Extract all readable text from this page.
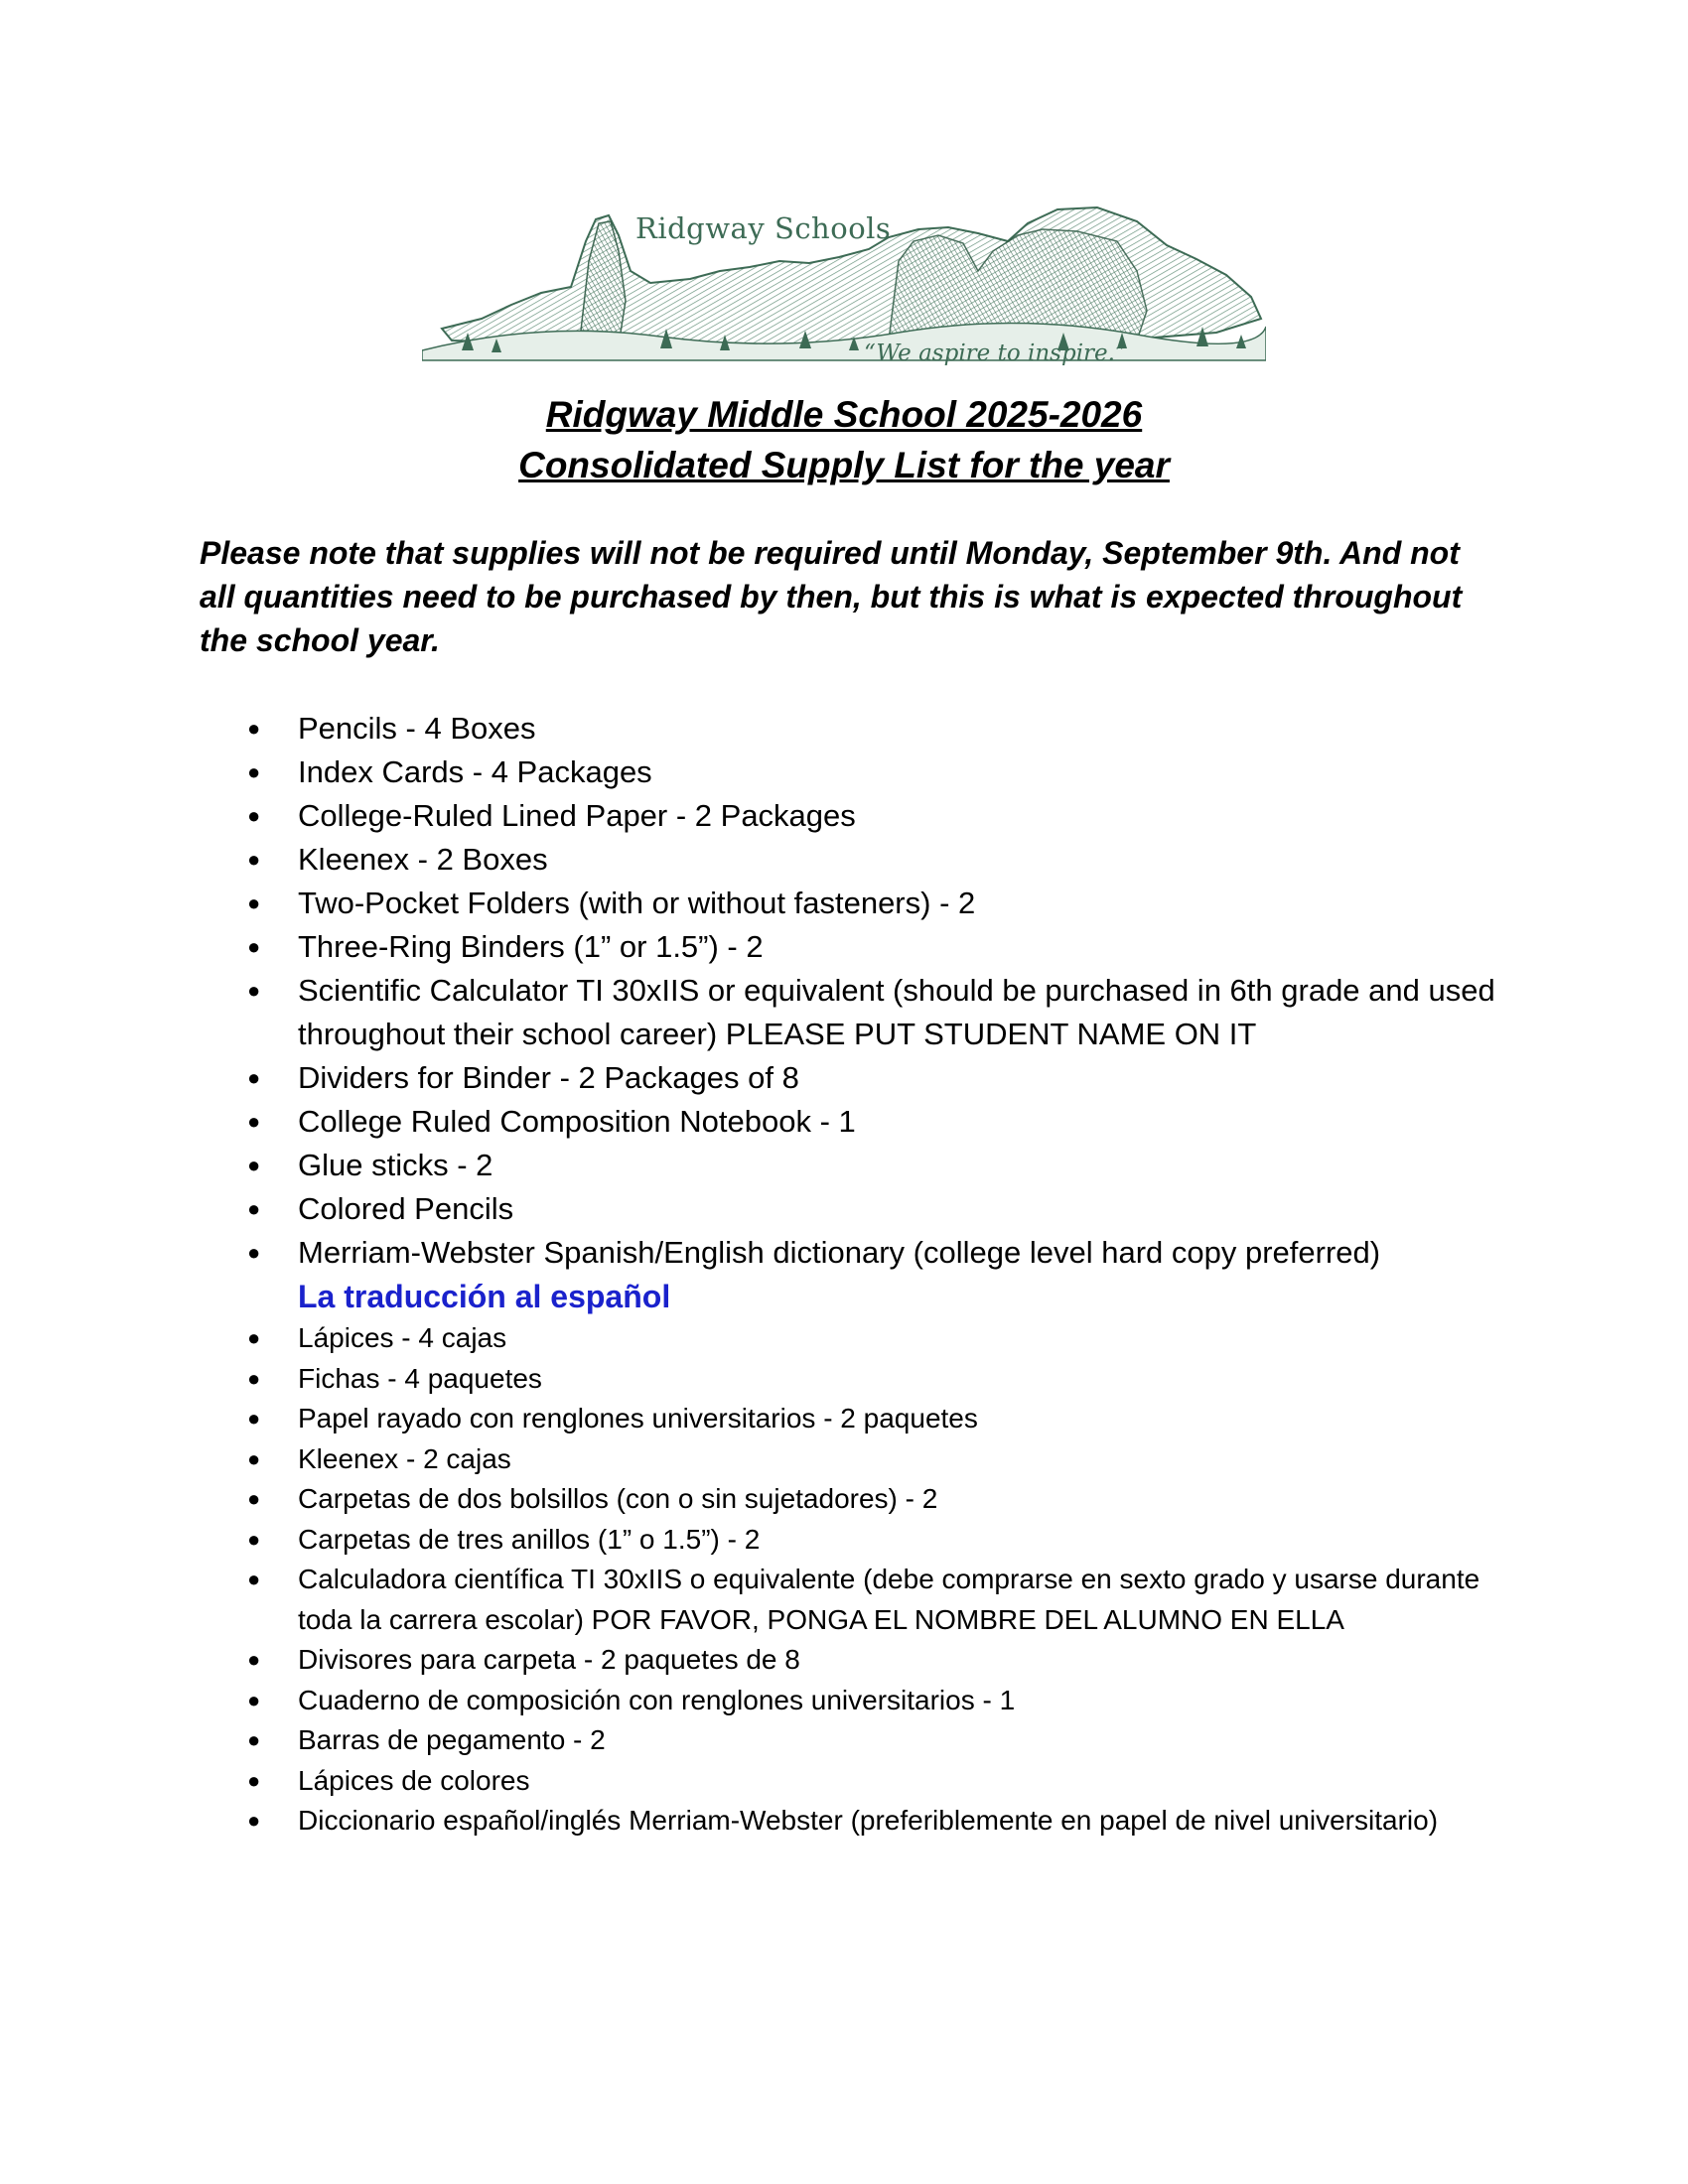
Ridgway Schools
“We aspire to inspire.”
Ridgway Middle School 2025-2026
Consolidated Supply List for the year
Please note that supplies will not be required until Monday, September 9th. And not all quantities need to be purchased by then, but this is what is expected throughout the school year.
● Pencils - 4 Boxes
● Index Cards - 4 Packages
● College-Ruled Lined Paper - 2 Packages
● Kleenex - 2 Boxes
● Two-Pocket Folders (with or without fasteners) - 2
● Three-Ring Binders (1” or 1.5”) - 2
● Scientific Calculator TI 30xIIS or equivalent (should be purchased in 6th grade and used throughout their school career) PLEASE PUT STUDENT NAME ON IT
● Dividers for Binder - 2 Packages of 8
● College Ruled Composition Notebook - 1
● Glue sticks - 2
● Colored Pencils
● Merriam-Webster Spanish/English dictionary (college level hard copy preferred)
La traducción al español
● Lápices - 4 cajas
● Fichas - 4 paquetes
● Papel rayado con renglones universitarios - 2 paquetes
● Kleenex - 2 cajas
● Carpetas de dos bolsillos (con o sin sujetadores) - 2
● Carpetas de tres anillos (1” o 1.5”) - 2
● Calculadora científica TI 30xIIS o equivalente (debe comprarse en sexto grado y usarse durante toda la carrera escolar) POR FAVOR, PONGA EL NOMBRE DEL ALUMNO EN ELLA
● Divisores para carpeta - 2 paquetes de 8
● Cuaderno de composición con renglones universitarios - 1
● Barras de pegamento - 2
● Lápices de colores
● Diccionario español/inglés Merriam-Webster (preferiblemente en papel de nivel universitario)
